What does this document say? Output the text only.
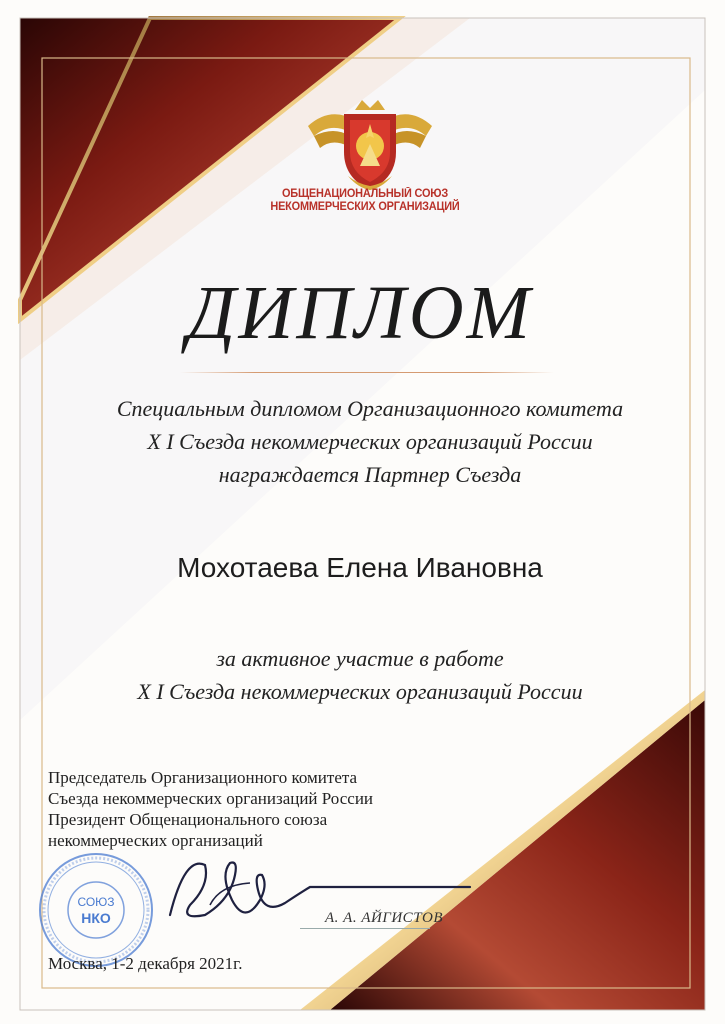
ОБЩЕНАЦИОНАЛЬНЫЙ СОЮЗ
НЕКОММЕРЧЕСКИХ ОРГАНИЗАЦИЙ
ДИПЛОМ
Специальным дипломом Организационного комитета
X I Съезда некоммерческих организаций России
награждается Партнер Съезда
Мохотаева Елена Ивановна
за активное участие в работе
X I Съезда некоммерческих организаций России
Председатель Организационного комитета
Съезда некоммерческих организаций России
Президент Общенационального союза
некоммерческих организаций
СОЮЗ
НКО	А. А. АЙГИСТОВ
Москва, 1-2 декабря 2021г.
